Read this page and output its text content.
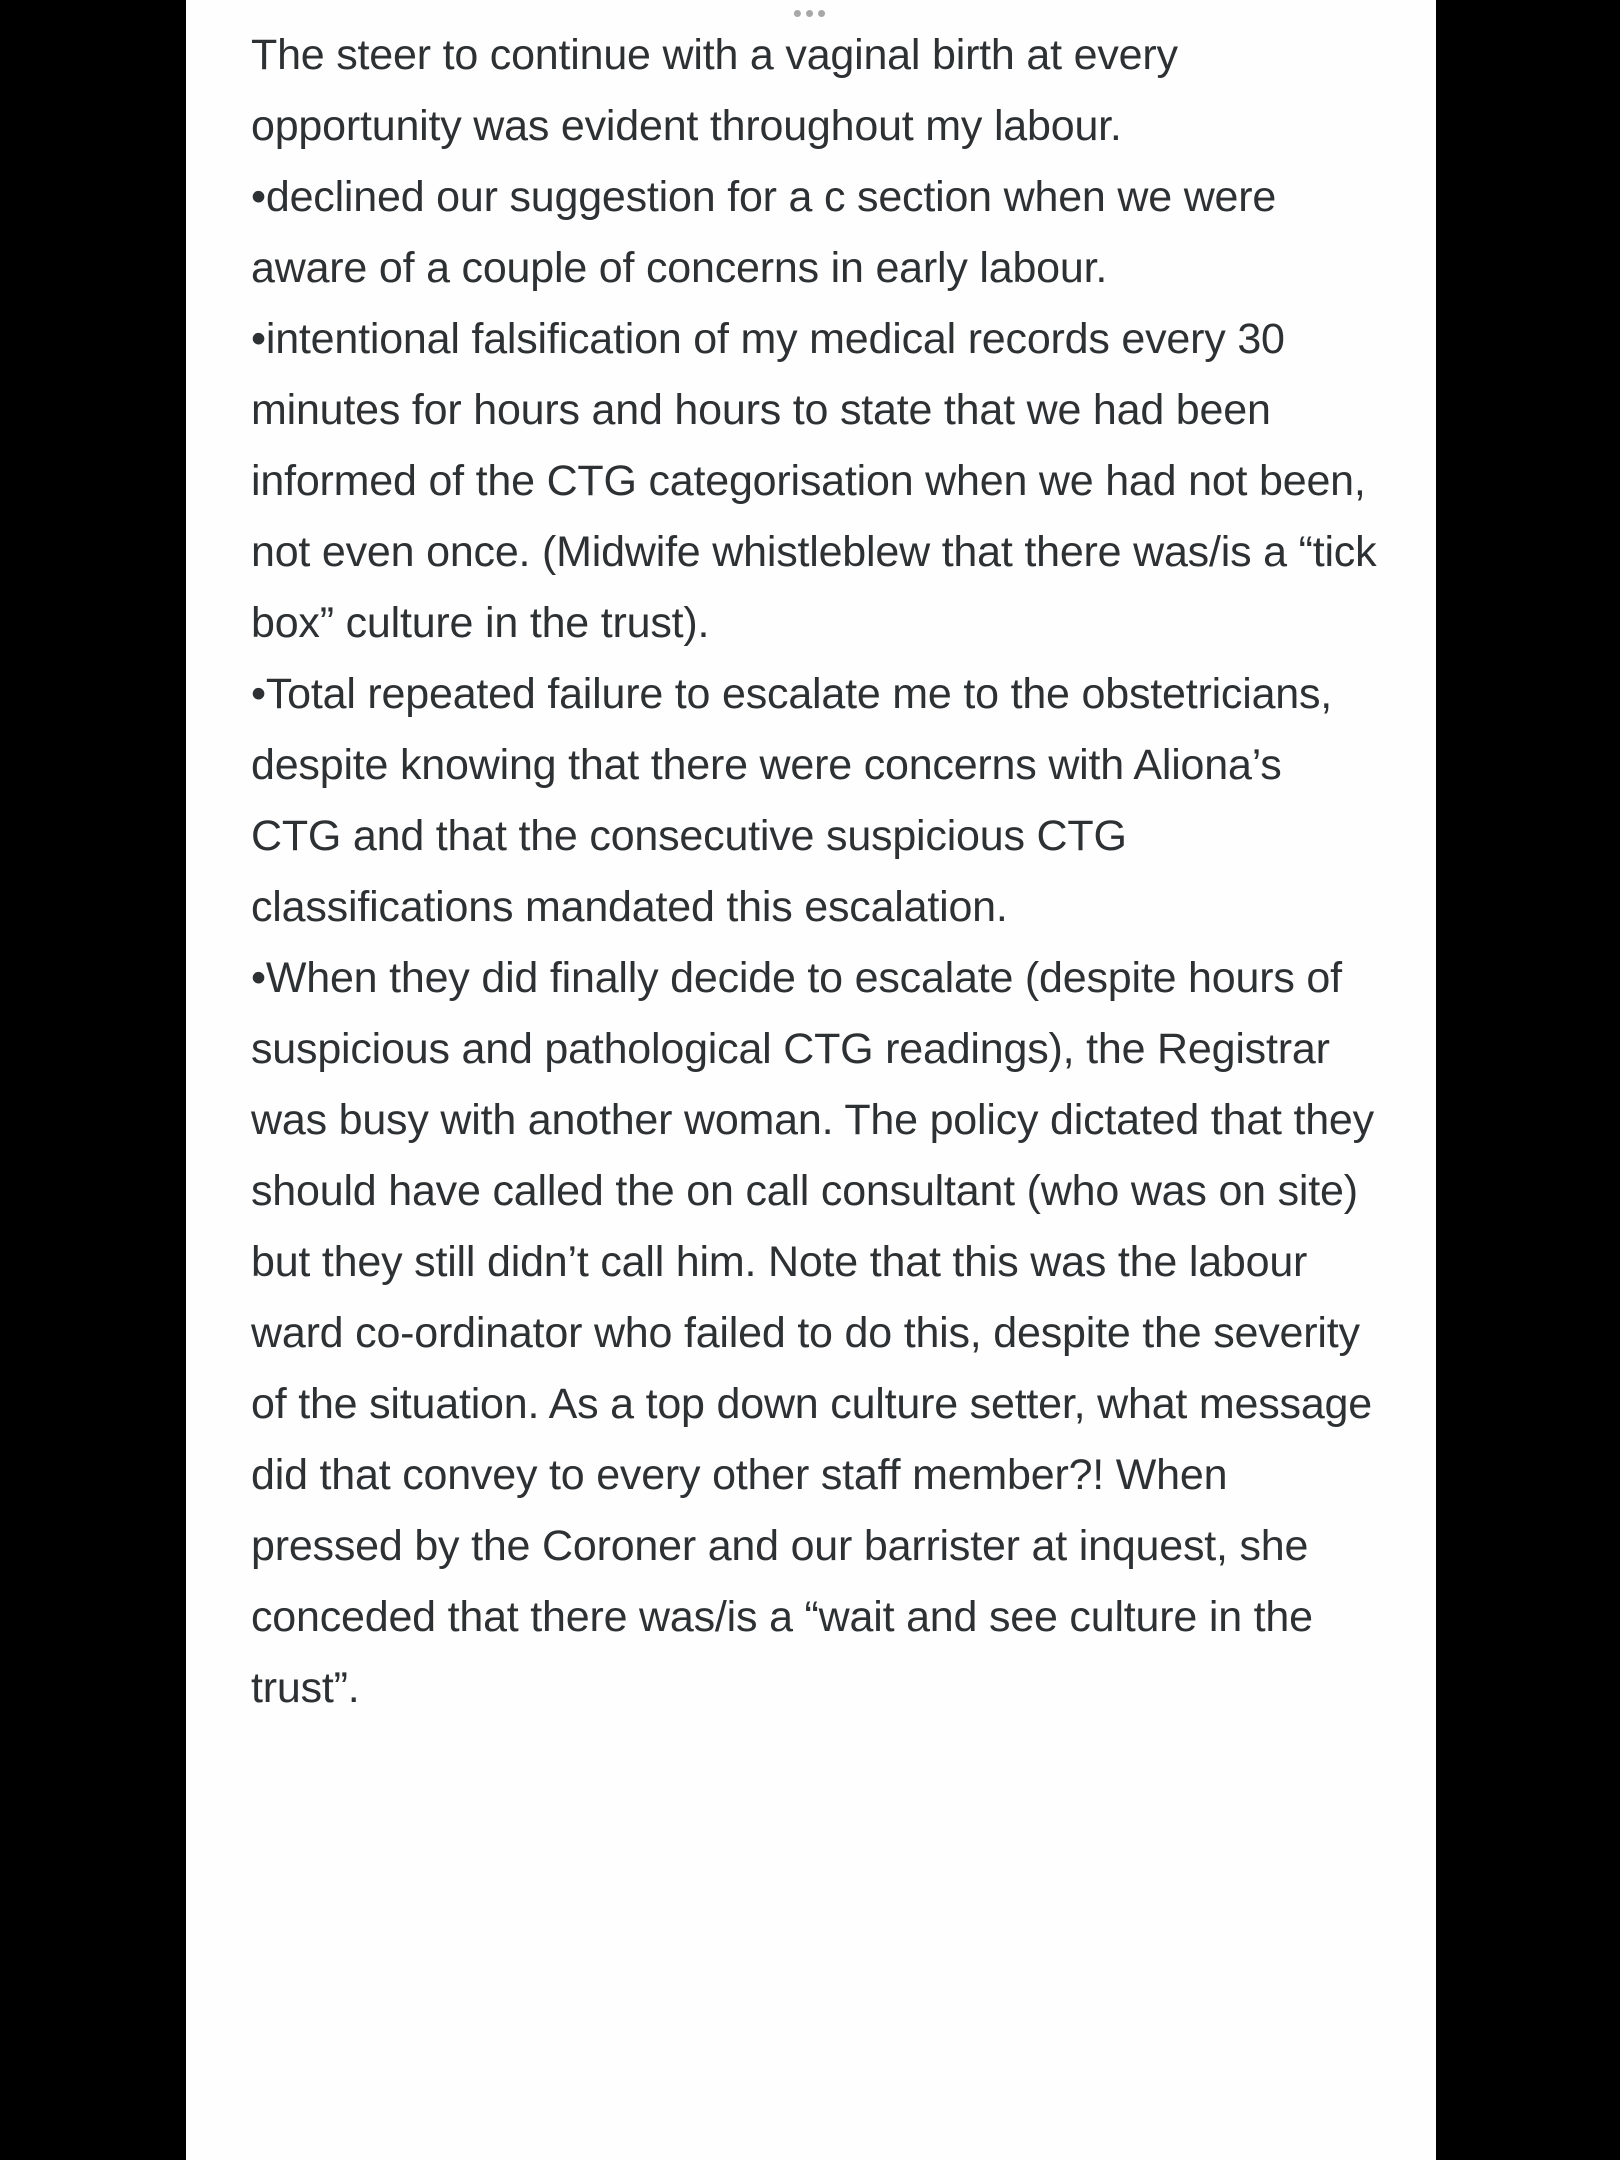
•••

The steer to continue with a vaginal birth at every opportunity was evident throughout my labour.

•declined our suggestion for a c section when we were aware of a couple of concerns in early labour.

•intentional falsification of my medical records every 30 minutes for hours and hours to state that we had been informed of the CTG categorisation when we had not been, not even once. (Midwife whistleblew that there was/is a “tick box” culture in the trust).

•Total repeated failure to escalate me to the obstetricians, despite knowing that there were concerns with Aliona’s CTG and that the consecutive suspicious CTG classifications mandated this escalation.

•When they did finally decide to escalate (despite hours of suspicious and pathological CTG readings), the Registrar was busy with another woman. The policy dictated that they should have called the on call consultant (who was on site) but they still didn’t call him. Note that this was the labour ward co-ordinator who failed to do this, despite the severity of the situation. As a top down culture setter, what message did that convey to every other staff member?! When pressed by the Coroner and our barrister at inquest, she conceded that there was/is a “wait and see culture in the trust”.
